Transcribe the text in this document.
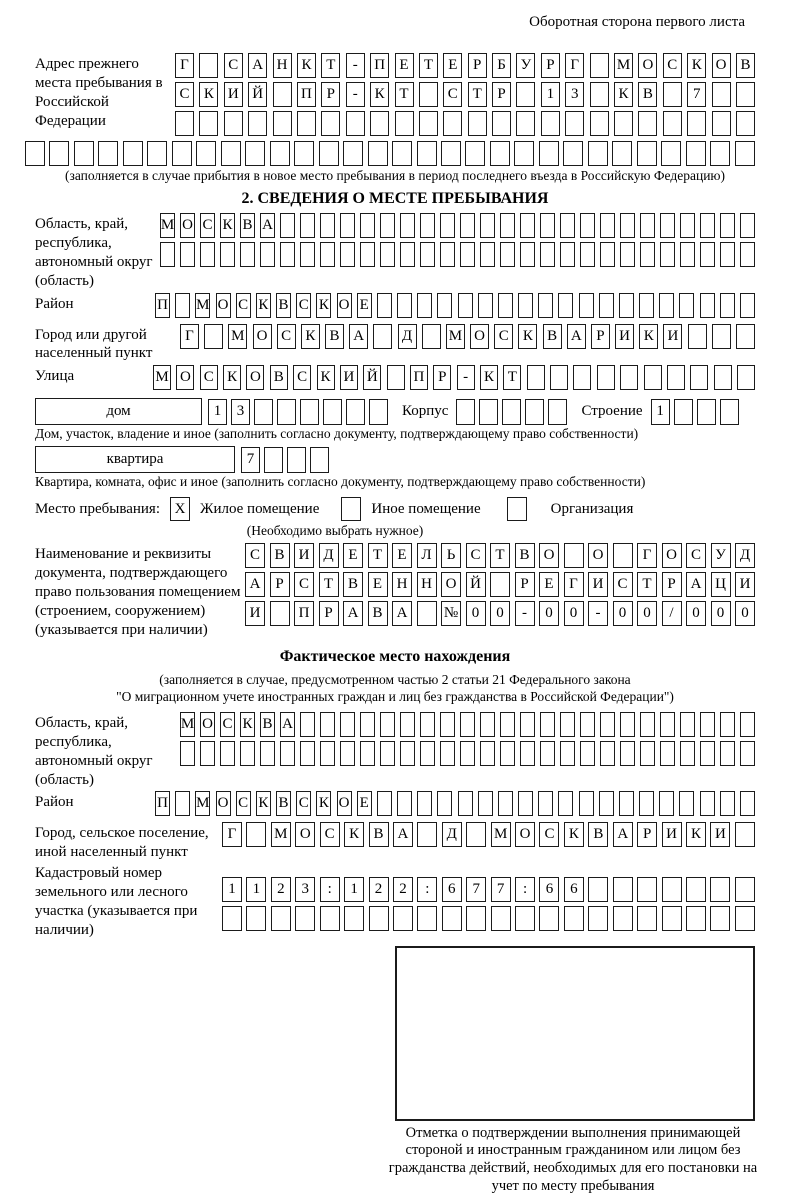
Оборотная сторона первого листа
Адрес прежнего места пребывания в Российской Федерации
Г	С А Н К Т	-	П Е	Т	Е	Р	Б У Р	Г	М О С К О В
С К И Й	П Р	-	К Т	С Т	Р	1	3	К В	7
(заполняется в случае прибытия в новое место пребывания в период последнего въезда в Российскую Федерацию)
2. СВЕДЕНИЯ О МЕСТЕ ПРЕБЫВАНИЯ
Область, край, республика, автономный округ (область)
М О С К В А
Район	П М О С К В С К О Е
Город или другой населенный пункт
Г	М О С К В А	Д М О С К В А Р И К И
Улица	М О С К О В С К И Й П Р	-	К Т
дом	1	3	Корпус	Строение 1
Дом, участок, владение и иное (заполнить согласно документу, подтверждающему право собственности)
квартира	7
Квартира, комната, офис и иное (заполнить согласно документу, подтверждающему право собственности)
Место пребывания: X Жилое помещение	Иное помещение	Организация
(Необходимо выбрать нужное)
Наименование и реквизиты документа, подтверждающего право пользования помещением (строением, сооружением) (указывается при наличии)
С В И Д Е	Т	Е Л	Ь	С Т В О	О	Г О С У Д
А Р	С Т В Е Н Н О Й	Р	Е	Г И С Т	Р А Ц И
И	П Р А В А	№ 0	0	-	0	0	-	0	0	/	0	0	0
Фактическое место нахождения
(заполняется в случае, предусмотренном частью 2 статьи 21 Федерального закона
"О миграционном учете иностранных граждан и лиц без гражданства в Российской Федерации")
Область, край, республика, автономный округ (область)
М О С К В А
Район	П М О С К В С К О Е
Город, сельское поселение, иной населенный пункт
Г	М О С К В А	Д	М О С К В А Р И К И
Кадастровый номер земельного или лесного участка (указывается при наличии)
1	1	2	3	:	1	2	2	:	6	7	7	:	6	6
Отметка о подтверждении выполнения принимающей стороной и иностранным гражданином или лицом без гражданства действий, необходимых для его постановки на учет по месту пребывания
